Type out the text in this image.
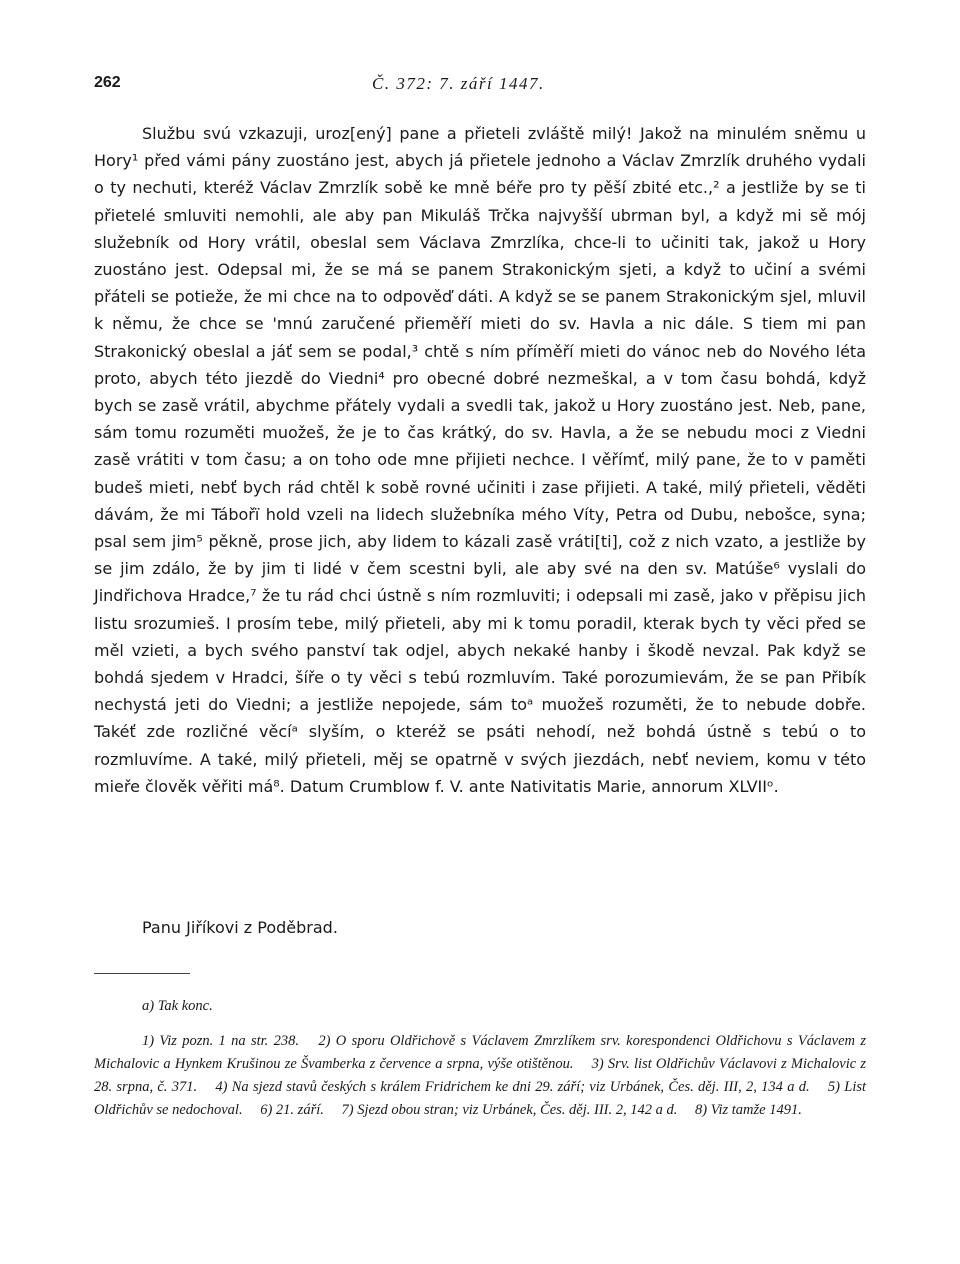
262	Č. 372: 7. září 1447.

Službu svú vzkazuji, uroz[ený] pane a přieteli zvláště milý! Jakož na minulém sněmu u Hory¹ před vámi pány zuostáno jest, abych já přietele jednoho a Václav Zmrzlík druhého vydali o ty nechuti, kteréž Václav Zmrzlík sobě ke mně béře pro ty pěší zbité etc.,² a jestliže by se ti přietelé smluviti nemohli, ale aby pan Mikuláš Trčka najvyšší ubrman byl, a když mi sě mój služebník od Hory vrátil, obeslal sem Václava Zmrzlíka, chce-li to učiniti tak, jakož u Hory zuostáno jest. Odepsal mi, že se má se panem Strakonickým sjeti, a když to učiní a svémi přáteli se potieže, že mi chce na to odpověď dáti. A když se se panem Strakonickým sjel, mluvil k němu, že chce se 'mnú zaručené přieměří mieti do sv. Havla a nic dále. S tiem mi pan Strakonický obeslal a jáť sem se podal,³ chtě s ním příměří mieti do vánoc neb do Nového léta proto, abych této jiezdě do Viedni⁴ pro obecné dobré nezmeškal, a v tom času bohdá, když bych se zasě vrátil, abychme přátely vydali a svedli tak, jakož u Hory zuostáno jest. Neb, pane, sám tomu rozuměti muožeš, že je to čas krátký, do sv. Havla, a že se nebudu moci z Viedni zasě vrátiti v tom času; a on toho ode mne přijieti nechce. I věřímť, milý pane, že to v paměti budeš mieti, nebť bych rád chtěl k sobě rovné učiniti i zase přijieti. A také, milý přieteli, věděti dávám, že mi Tábořï hold vzeli na lidech služebníka mého Víty, Petra od Dubu, nebošce, syna; psal sem jim⁵ pěkně, prose jich, aby lidem to kázali zasě vráti[ti], což z nich vzato, a jestliže by se jim zdálo, že by jim ti lidé v čem scestni byli, ale aby své na den sv. Matúše⁶ vyslali do Jindřichova Hradce,⁷ že tu rád chci ústně s ním rozmluviti; i odepsali mi zasě, jako v přěpisu jich listu srozumieš. I prosím tebe, milý přieteli, aby mi k tomu poradil, kterak bych ty věci před se měl vzieti, a bych svého panství tak odjel, abych nekaké hanby i škodě nevzal. Pak když se bohdá sjedem v Hradci, šíře o ty věci s tebú rozmluvím. Také porozumievám, že se pan Přibík nechystá jeti do Viedni; a jestliže nepojede, sám toᵃ muožeš rozuměti, že to nebude dobře. Takéť zde rozličné věcíᵃ slyším, o kteréž se psáti nehodí, než bohdá ústně s tebú o to rozmluvíme. A také, milý přieteli, měj se opatrně v svých jiezdách, nebť neviem, komu v této mieře člověk věřiti má⁸. Datum Crumblow f. V. ante Nativitatis Marie, annorum XLVIIᵒ.

Panu Jiříkovi z Poděbrad.

a) Tak konc.

1) Viz pozn. 1 na str. 238. 2) O sporu Oldřichově s Václavem Zmrzlíkem srv. korespondenci Oldřichovu s Václavem z Michalovic a Hynkem Krušinou ze Švamberka z července a srpna, výše otištěnou. 3) Srv. list Oldřichův Václavovi z Michalovic z 28. srpna, č. 371. 4) Na sjezd stavů českých s králem Fridrichem ke dni 29. září; viz Urbánek, Čes. děj. III, 2, 134 a d. 5) List Oldřichův se nedochoval. 6) 21. září. 7) Sjezd obou stran; viz Urbánek, Čes. děj. III. 2, 142 a d. 8) Viz tamže 1491.
